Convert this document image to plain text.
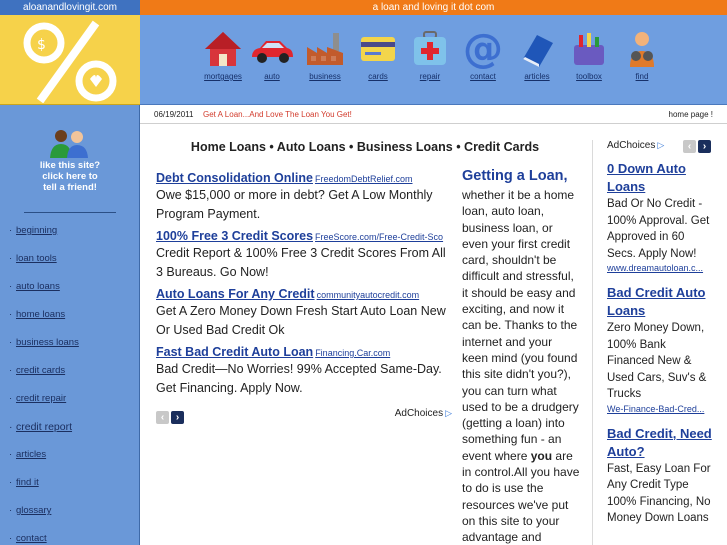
aloanandlovingit.com
$
like this site?
click here to
tell a friend!
· beginning
· loan tools
· auto loans
· home loans
· business loans
· credit cards
· credit repair
· credit report
· articles
· find it
· glossary
· contact
a loan and loving it dot com
mortgages	auto	business	cards	repair
@
contact	articles	toolbox	find
06/19/2011 Get A Loan...And Love The Loan You Get!	home page !
Home Loans • Auto Loans • Business Loans • Credit Cards
Debt Consolidation Online FreedomDebtRelief.com
Owe $15,000 or more in debt? Get A Low Monthly Program Payment.
100% Free 3 Credit Scores FreeScore.com/Free-Credit-Sco
Credit Report & 100% Free 3 Credit Scores From All 3 Bureaus. Go Now!
Auto Loans For Any Credit communityautocredit.com
Get A Zero Money Down Fresh Start Auto Loan New Or Used Bad Credit Ok
Fast Bad Credit Auto Loan Financing.Car.com
Bad Credit—No Worries! 99% Accepted Same-Day. Get Financing. Apply Now.
‹ ›	AdChoices ▷
Getting a Loan,

whether it be a home loan, auto loan, business loan, or even your first credit card, shouldn't be difficult and stressful, it should be easy and exciting, and now it can be. Thanks to the internet and your keen mind (you found this site didn't you?), you can turn what used to be a drudgery (getting a loan) into something fun - an event where you are in control.All you have to do is use the resources we've put on this site to your advantage and

AdChoices ▷	‹ ›
0 Down Auto Loans
Bad Or No Credit - 100% Approval. Get Approved in 60 Secs. Apply Now!
www.dreamautoloan.c...
Bad Credit Auto Loans
Zero Money Down, 100% Bank Financed New & Used Cars, Suv's & Trucks
We-Finance-Bad-Cred...
Bad Credit, Need Auto?
Fast, Easy Loan For Any Credit Type 100% Financing, No Money Down Loans
